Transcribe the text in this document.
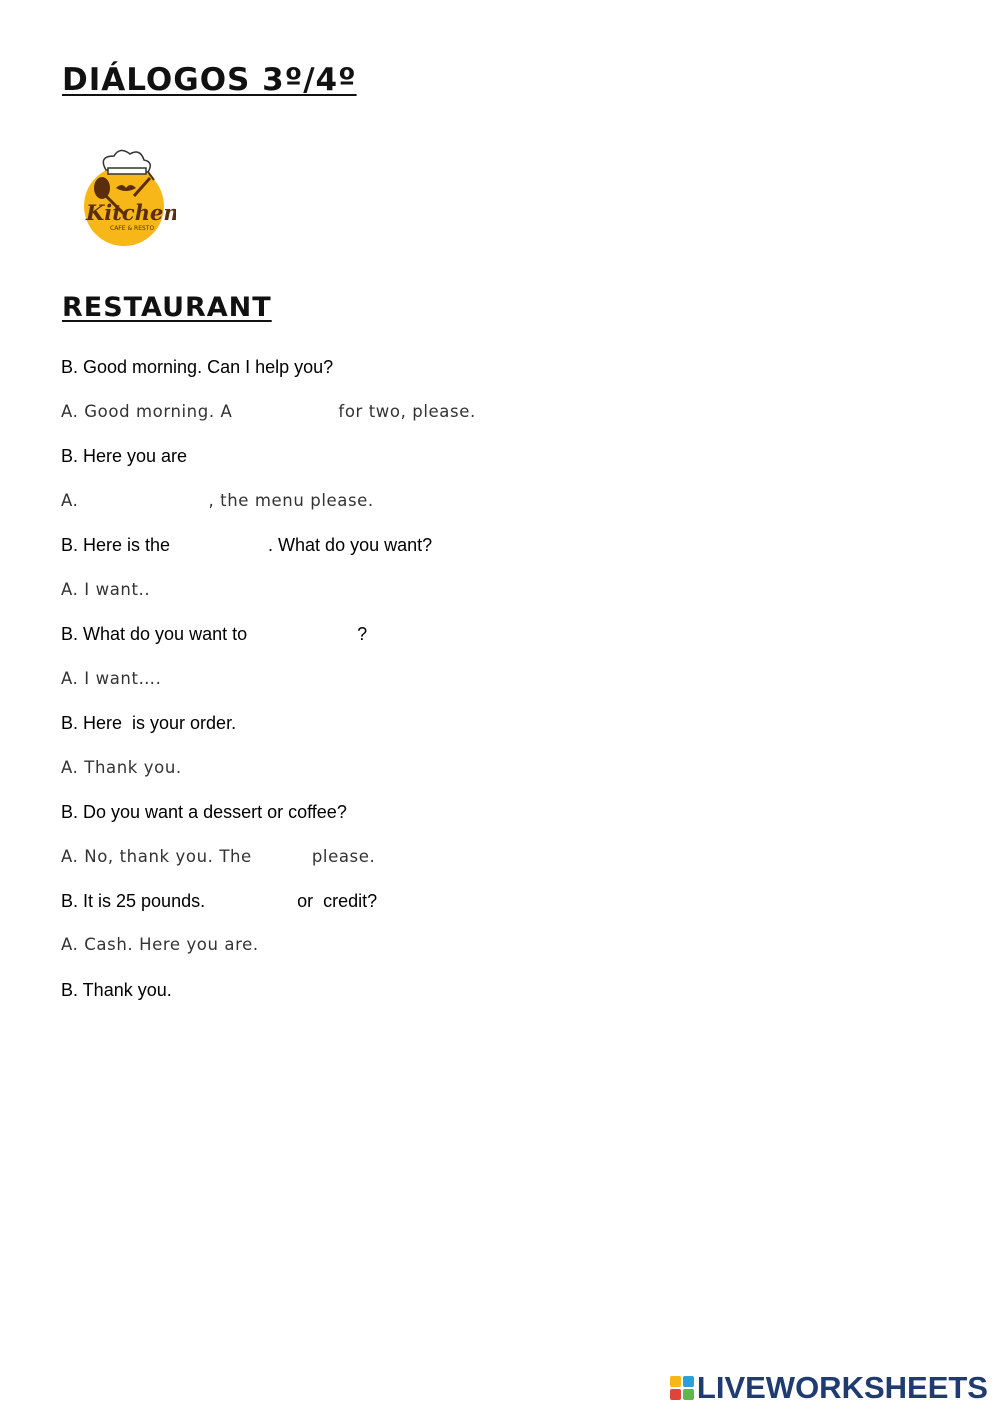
DIÁLOGOS 3º/4º
Kitchen
CAFE & RESTO
RESTAURANT
B. Good morning. Can I help you?
A. Good morning. A	for two, please.
B. Here you are
A.	, the menu please.
B. Here is the	. What do you want?
A. I want..
B. What do you want to	?
A. I want….
B. Here  is your order.
A. Thank you.
B. Do you want a dessert or coffee?
A. No, thank you. The	please.
B. It is 25 pounds.	or  credit?
A. Cash. Here you are.
B. Thank you.
LIVEWORKSHEETS
